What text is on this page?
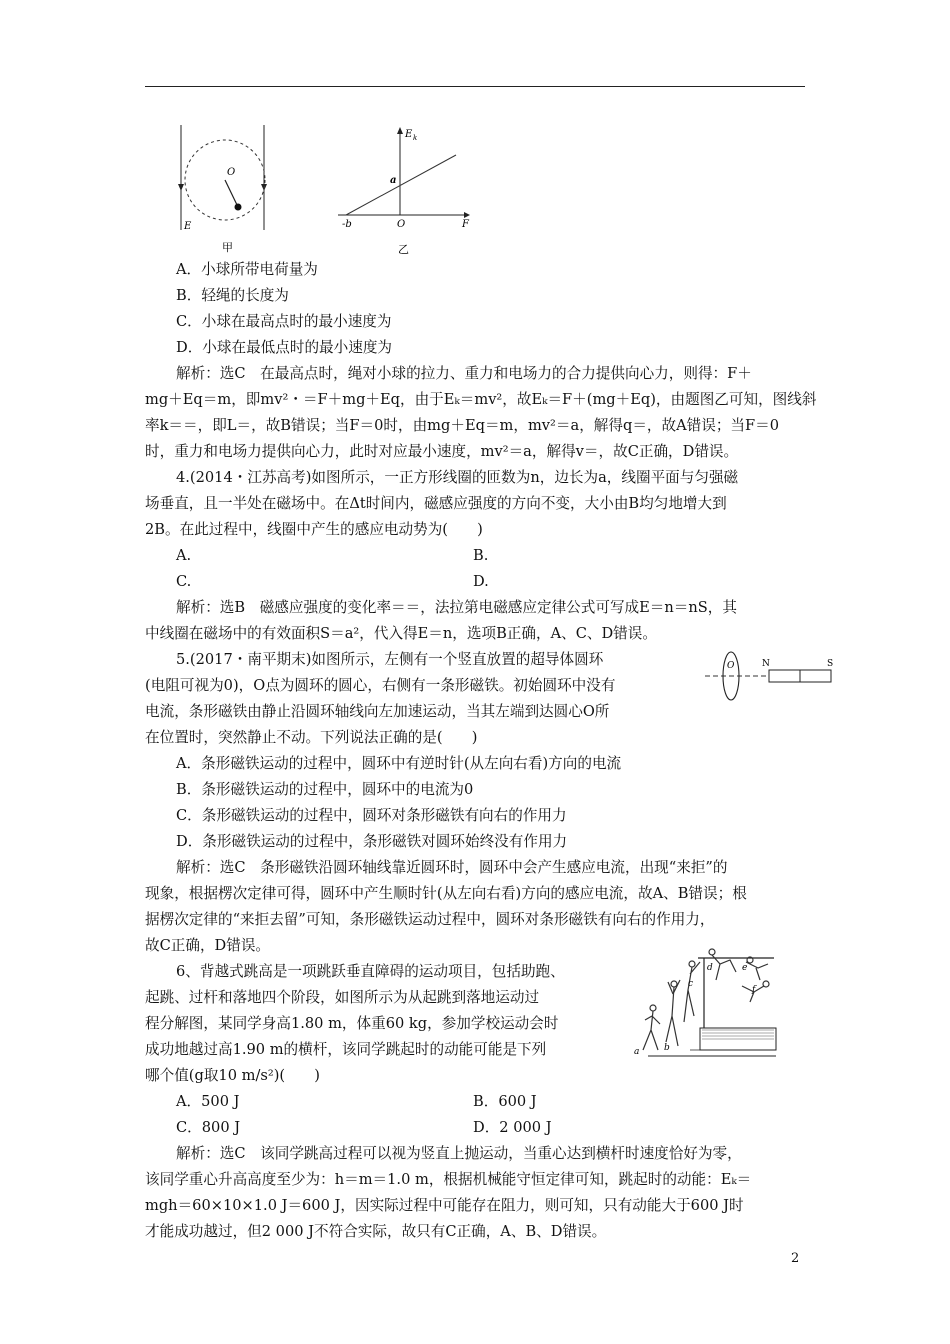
O
E
甲
E k
a
O
-b	F
乙
A．小球所带电荷量为
B．轻绳的长度为
C．小球在最高点时的最小速度为
D．小球在最低点时的最小速度为
解析：选C　在最高点时，绳对小球的拉力、重力和电场力的合力提供向心力，则得：F＋
mg＋Eq＝m，即mv²・＝F＋mg＋Eq，由于Eₖ＝mv²，故Eₖ＝F＋(mg＋Eq)，由题图乙可知，图线斜
率k＝＝，即L＝，故B错误；当F＝0时，由mg＋Eq＝m，mv²＝a，解得q＝，故A错误；当F＝0
时，重力和电场力提供向心力，此时对应最小速度，mv²＝a，解得v＝，故C正确，D错误。
4.(2014・江苏高考)如图所示，一正方形线圈的匝数为n，边长为a，线圈平面与匀强磁
场垂直，且一半处在磁场中。在Δt时间内，磁感应强度的方向不变，大小由B均匀地增大到
2B。在此过程中，线圈中产生的感应电动势为(　　)
A.	B.
C.	D.
解析：选B　磁感应强度的变化率＝＝，法拉第电磁感应定律公式可写成E＝n＝nS，其
中线圈在磁场中的有效面积S＝a²，代入得E＝n，选项B正确，A、C、D错误。
5.(2017・南平期末)如图所示，左侧有一个竖直放置的超导体圆环
(电阻可视为0)，O点为圆环的圆心，右侧有一条形磁铁。初始圆环中没有
电流，条形磁铁由静止沿圆环轴线向左加速运动，当其左端到达圆心O所
在位置时，突然静止不动。下列说法正确的是(　　)
O	N	S
A．条形磁铁运动的过程中，圆环中有逆时针(从左向右看)方向的电流
B．条形磁铁运动的过程中，圆环中的电流为0
C．条形磁铁运动的过程中，圆环对条形磁铁有向右的作用力
D．条形磁铁运动的过程中，条形磁铁对圆环始终没有作用力
解析：选C　条形磁铁沿圆环轴线靠近圆环时，圆环中会产生感应电流，出现“来拒”的
现象，根据楞次定律可得，圆环中产生顺时针(从左向右看)方向的感应电流，故A、B错误；根
据楞次定律的“来拒去留”可知，条形磁铁运动过程中，圆环对条形磁铁有向右的作用力，
故C正确，D错误。
6、背越式跳高是一项跳跃垂直障碍的运动项目，包括助跑、
起跳、过杆和落地四个阶段，如图所示为从起跳到落地运动过
程分解图，某同学身高1.80 m，体重60 kg，参加学校运动会时
成功地越过高1.90 m的横杆，该同学跳起时的动能可能是下列
哪个值(g取10 m/s²)(　　)
a	b
c
d	e
f
A．500 J	B．600 J
C．800 J	D．2 000 J
解析：选C　该同学跳高过程可以视为竖直上抛运动，当重心达到横杆时速度恰好为零，
该同学重心升高高度至少为：h＝m＝1.0 m，根据机械能守恒定律可知，跳起时的动能：Eₖ＝
mgh＝60×10×1.0 J＝600 J，因实际过程中可能存在阻力，则可知，只有动能大于600 J时
才能成功越过，但2 000 J不符合实际，故只有C正确，A、B、D错误。
2
